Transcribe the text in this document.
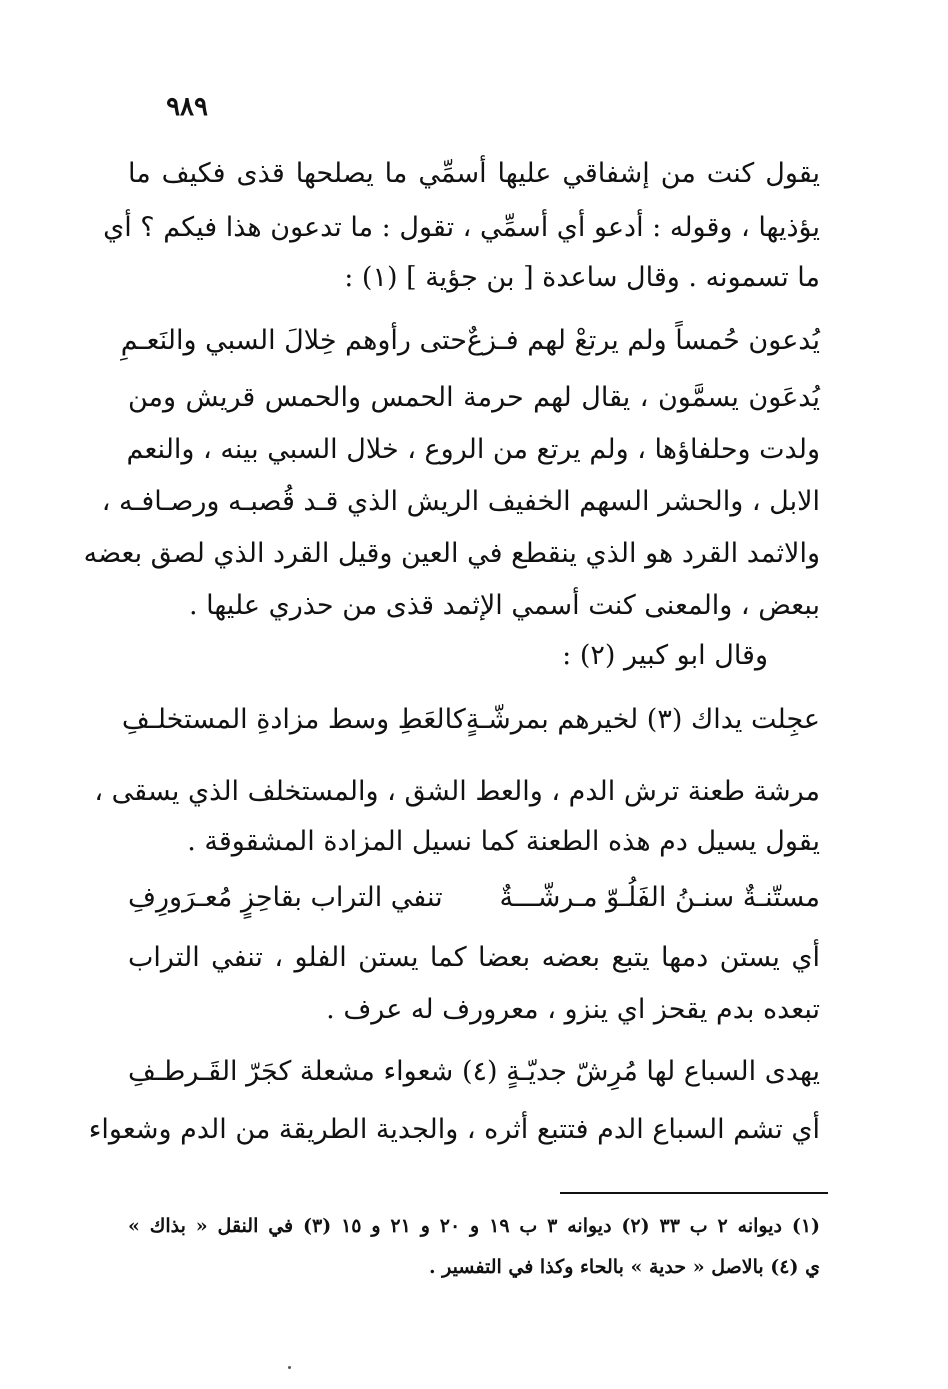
٩٨٩
يقول كنت من إشفاقي عليها أسمِّي ما يصلحها قذى فكيف ما
يؤذيها ، وقوله : أدعو أي أسمِّي ، تقول : ما تدعون هذا فيكم ؟ أي
ما تسمونه . وقال ساعدة [ بن جؤية ] (١) :
يُدعون حُمساً ولم يرتعْ لهم فـزعٌ
حتى رأوهم خِلالَ السبي والنَعـمِ
يُدعَون يسمَّون ، يقال لهم حرمة الحمس والحمس قريش ومن
ولدت وحلفاؤها ، ولم يرتع من الروع ، خلال السبي بينه ، والنعم
الابل ، والحشر السهم الخفيف الريش الذي قـد قُصبـه ورصـافـه ،
والاثمد القرد هو الذي ينقطع في العين وقيل القرد الذي لصق بعضه
ببعض ، والمعنى كنت أسمي الإثمد قذى من حذري عليها .
وقال ابو كبير (٢) :
عجِلت يداك (٣) لخيرهم بمرشّـةٍ
كالعَطِ وسط مزادةِ المستخلـفِ
مرشة طعنة ترش الدم ، والعط الشق ، والمستخلف الذي يسقى ،
يقول يسيل دم هذه الطعنة كما نسيل المزادة المشقوقة .
مستّنـةٌ سنـنُ الفَلُـوّ مـرشّـــةٌ
تنفي التراب بقاحِزٍ مُعـرَورِفِ
أي يستن دمها يتبع بعضه بعضا كما يستن الفلو ، تنفي التراب
تبعده بدم يقحز اي ينزو ، معرورف له عرف .
يهدى السباع لها مُرِشّ جديّـةٍ (٤)
شعواء مشعلة كجَرّ القَـرطـفِ
أي تشم السباع الدم فتتبع أثره ، والجدية الطريقة من الدم وشعواء
(١) ديوانه ٢ ب ٣٣ (٢) ديوانه ٣ ب ١٩ و ٢٠ و ٢١ و ١٥ (٣) في النقل « بذاك »
ي (٤) بالاصل « حدية » بالحاء وكذا في التفسير .
